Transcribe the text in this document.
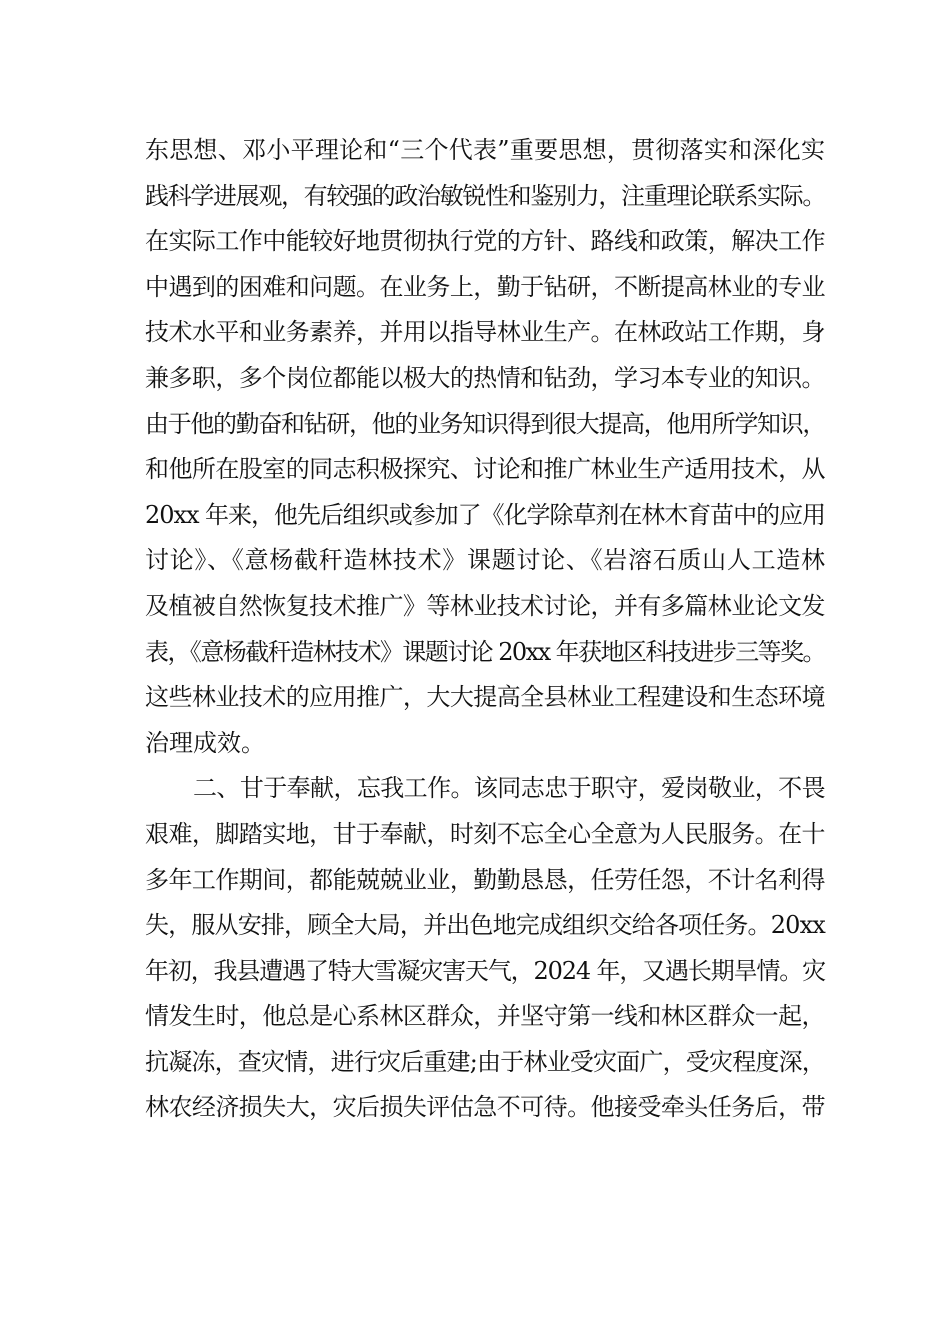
东思想、邓小平理论和“三个代表”重要思想，贯彻落实和深化实
践科学进展观，有较强的政治敏锐性和鉴别力，注重理论联系实际。
在实际工作中能较好地贯彻执行党的方针、路线和政策，解决工作
中遇到的困难和问题。在业务上，勤于钻研，不断提高林业的专业
技术水平和业务素养，并用以指导林业生产。在林政站工作期，身
兼多职，多个岗位都能以极大的热情和钻劲，学习本专业的知识。
由于他的勤奋和钻研，他的业务知识得到很大提高，他用所学知识，
和他所在股室的同志积极探究、讨论和推广林业生产适用技术，从
20xx 年来，他先后组织或参加了《化学除草剂在林木育苗中的应用
讨论》、《意杨截秆造林技术》课题讨论、《岩溶石质山人工造林
及植被自然恢复技术推广》等林业技术讨论，并有多篇林业论文发
表，《意杨截秆造林技术》课题讨论 20xx 年获地区科技进步三等奖。
这些林业技术的应用推广，大大提高全县林业工程建设和生态环境
治理成效。
二、甘于奉献，忘我工作。该同志忠于职守，爱岗敬业，不畏
艰难，脚踏实地，甘于奉献，时刻不忘全心全意为人民服务。在十
多年工作期间，都能兢兢业业，勤勤恳恳，任劳任怨，不计名利得
失，服从安排，顾全大局，并出色地完成组织交给各项任务。20xx
年初，我县遭遇了特大雪凝灾害天气，2024 年，又遇长期旱情。灾
情发生时，他总是心系林区群众，并坚守第一线和林区群众一起，
抗凝冻，查灾情，进行灾后重建;由于林业受灾面广，受灾程度深，
林农经济损失大，灾后损失评估急不可待。他接受牵头任务后，带
